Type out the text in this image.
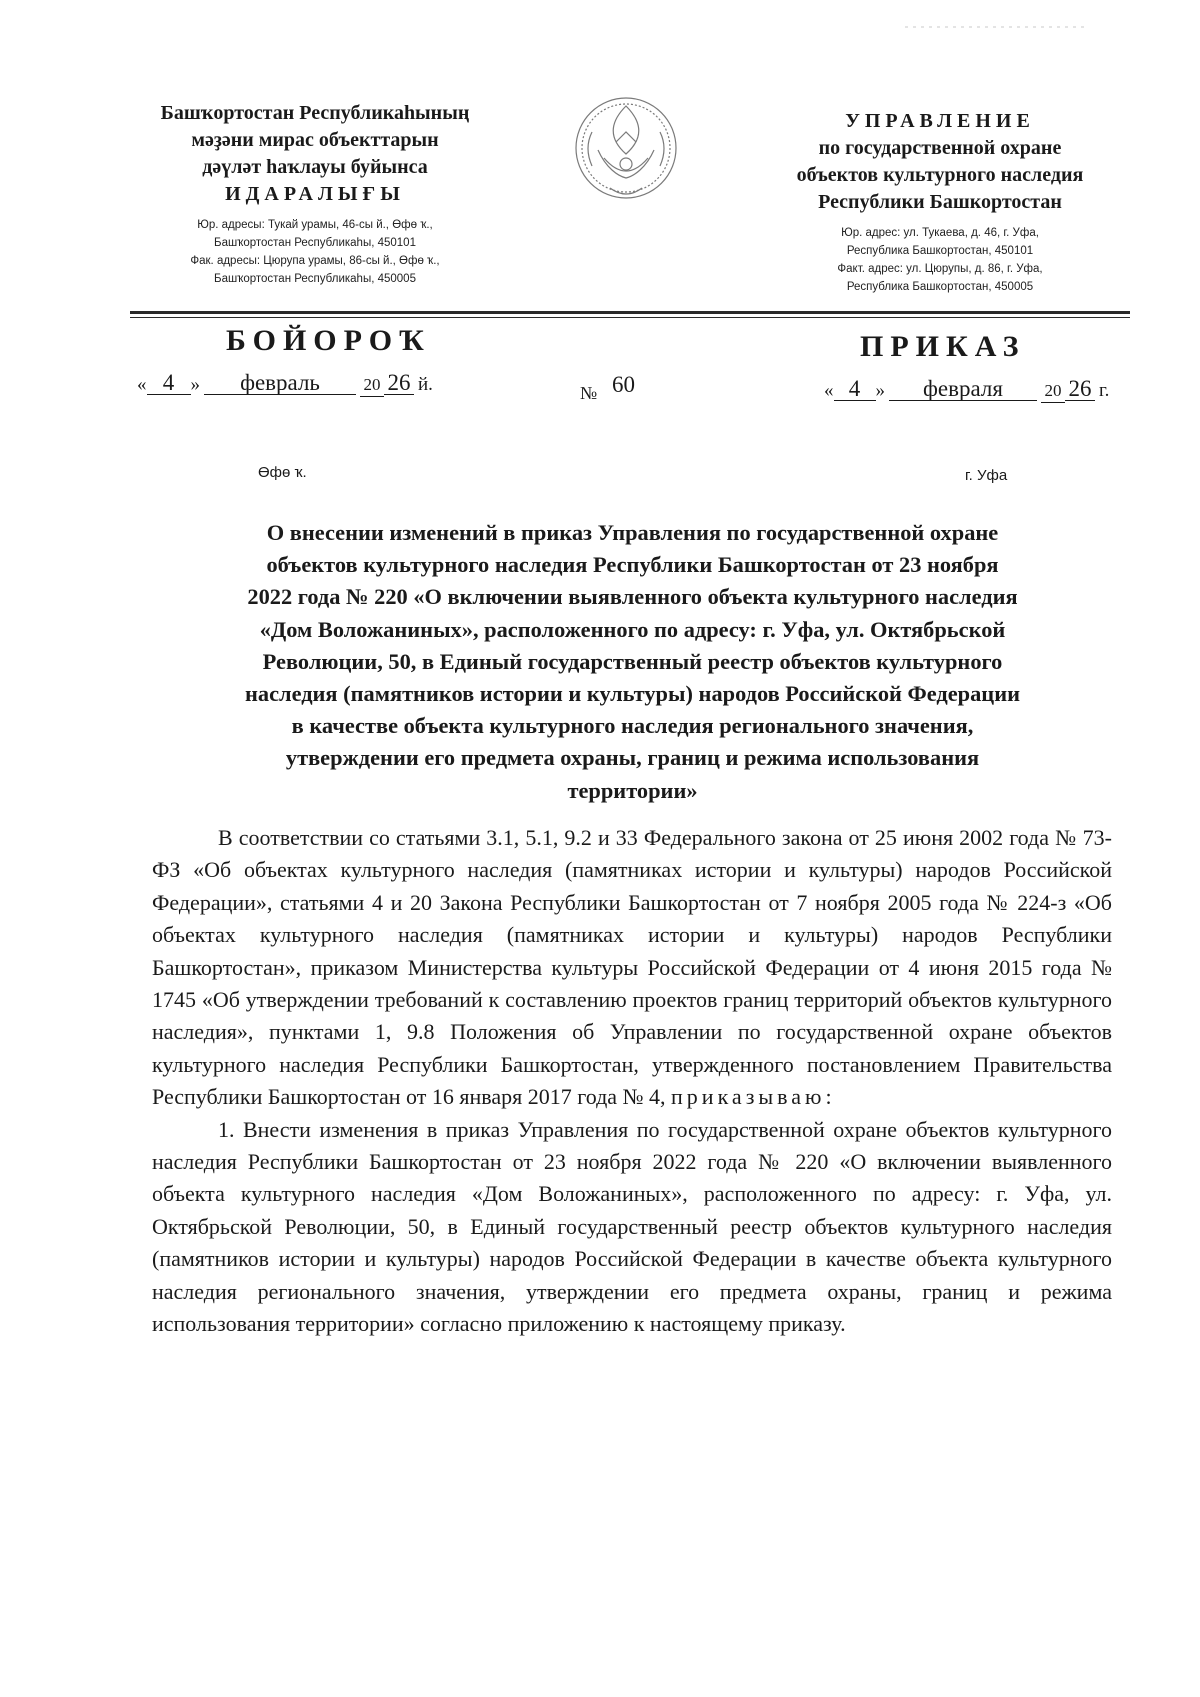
Башҡортостан Республикаһының
мәҙәни мирас объекттарын
дәүләт һаҡлауы буйынса
ИДАРАЛЫҒЫ
Юр. адресы: Тукай урамы, 46-сы й., Өфө ҡ.,
Башҡортостан Республикаһы, 450101
Фак. адресы: Цюрупа урамы, 86-сы й., Өфө ҡ.,
Башҡортостан Республикаһы, 450005
УПРАВЛЕНИЕ
по государственной охране
объектов культурного наследия
Республики Башкортостан
Юр. адрес: ул. Тукаева, д. 46, г. Уфа,
Республика Башкортостан, 450101
Факт. адрес: ул. Цюрупы, д. 86, г. Уфа,
Республика Башкортостан, 450005
БОЙОРОҠ	ПРИКАЗ
« 4 » февраль	20 26 й.	№ 60	« 4 » февраля 20 26 г.
Өфө ҡ.	г. Уфа
О внесении изменений в приказ Управления по государственной охране
объектов культурного наследия Республики Башкортостан от 23 ноября
2022 года № 220 «О включении выявленного объекта культурного наследия
«Дом Воложаниных», расположенного по адресу: г. Уфа, ул. Октябрьской
Революции, 50, в Единый государственный реестр объектов культурного
наследия (памятников истории и культуры) народов Российской Федерации
в качестве объекта культурного наследия регионального значения,
утверждении его предмета охраны, границ и режима использования
территории»

В соответствии со статьями 3.1, 5.1, 9.2 и 33 Федерального закона от 25 июня 2002 года № 73-ФЗ «Об объектах культурного наследия (памятниках истории и культуры) народов Российской Федерации», статьями 4 и 20 Закона Республики Башкортостан от 7 ноября 2005 года № 224-з «Об объектах культурного наследия (памятниках истории и культуры) народов Республики Башкортостан», приказом Министерства культуры Российской Федерации от 4 июня 2015 года № 1745 «Об утверждении требований к составлению проектов границ территорий объектов культурного наследия», пунктами 1, 9.8 Положения об Управлении по государственной охране объектов культурного наследия Республики Башкортостан, утвержденного постановлением Правительства Республики Башкортостан от 16 января 2017 года № 4, приказываю:

1. Внести изменения в приказ Управления по государственной охране объектов культурного наследия Республики Башкортостан от 23 ноября 2022 года № 220 «О включении выявленного объекта культурного наследия «Дом Воложаниных», расположенного по адресу: г. Уфа, ул. Октябрьской Революции, 50, в Единый государственный реестр объектов культурного наследия (памятников истории и культуры) народов Российской Федерации в качестве объекта культурного наследия регионального значения, утверждении его предмета охраны, границ и режима использования территории» согласно приложению к настоящему приказу.
